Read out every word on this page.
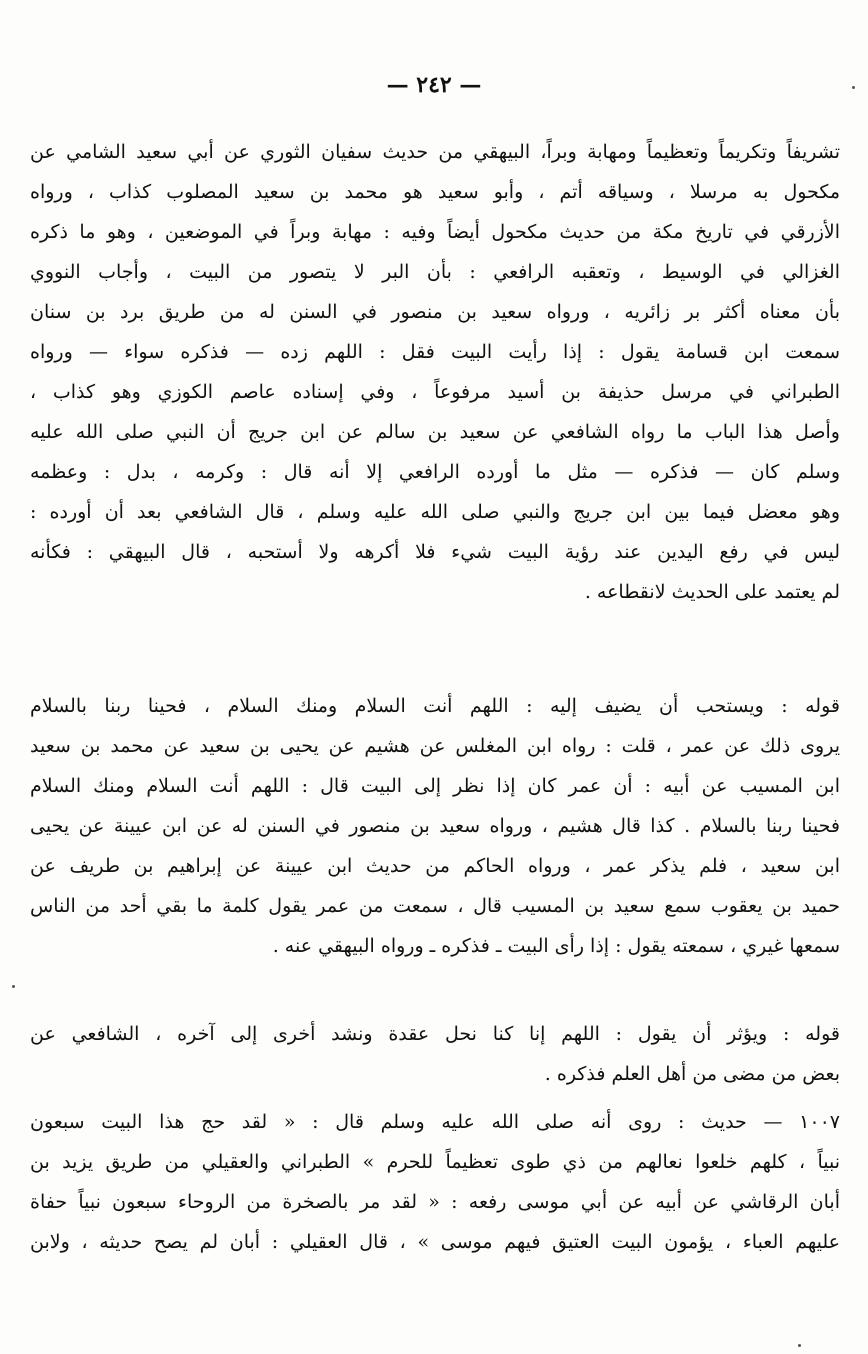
— ٢٤٢ —
تشريفاً وتكريماً وتعظيماً ومهابة وبراً، البيهقي من حديث سفيان الثوري عن أبي سعيد الشامي عن
مكحول به مرسلا ، وسياقه أتم ، وأبو سعيد هو محمد بن سعيد المصلوب كذاب ، ورواه
الأزرقي في تاريخ مكة من حديث مكحول أيضاً وفيه : مهابة وبراً في الموضعين ، وهو ما ذكره
الغزالي في الوسيط ، وتعقبه الرافعي : بأن البر لا يتصور من البيت ، وأجاب النووي
بأن معناه أكثر بر زائريه ، ورواه سعيد بن منصور في السنن له من طريق برد بن سنان
سمعت ابن قسامة يقول : إذا رأيت البيت فقل : اللهم زده — فذكره سواء — ورواه
الطبراني في مرسل حذيفة بن أسيد مرفوعاً ، وفي إسناده عاصم الكوزي وهو كذاب ،
وأصل هذا الباب ما رواه الشافعي عن سعيد بن سالم عن ابن جريج أن النبي صلى الله عليه
وسلم كان — فذكره — مثل ما أورده الرافعي إلا أنه قال : وكرمه ، بدل : وعظمه
وهو معضل فيما بين ابن جريج والنبي صلى الله عليه وسلم ، قال الشافعي بعد أن أورده :
ليس في رفع اليدين عند رؤية البيت شيء فلا أكرهه ولا أستحبه ، قال البيهقي : فكأنه
لم يعتمد على الحديث لانقطاعه .
قوله : ويستحب أن يضيف إليه : اللهم أنت السلام ومنك السلام ، فحينا ربنا بالسلام
يروى ذلك عن عمر ، قلت : رواه ابن المغلس عن هشيم عن يحيى بن سعيد عن محمد بن سعيد
ابن المسيب عن أبيه : أن عمر كان إذا نظر إلى البيت قال : اللهم أنت السلام ومنك السلام
فحينا ربنا بالسلام . كذا قال هشيم ، ورواه سعيد بن منصور في السنن له عن ابن عيينة عن يحيى
ابن سعيد ، فلم يذكر عمر ، ورواه الحاكم من حديث ابن عيينة عن إبراهيم بن طريف عن
حميد بن يعقوب سمع سعيد بن المسيب قال ، سمعت من عمر يقول كلمة ما بقي أحد من الناس
سمعها غيري ، سمعته يقول : إذا رأى البيت ـ فذكره ـ ورواه البيهقي عنه .
قوله : ويؤثر أن يقول : اللهم إنا كنا نحل عقدة ونشد أخرى إلى آخره ، الشافعي عن
بعض من مضى من أهل العلم فذكره .
١٠٠٧ — حديث : روى أنه صلى الله عليه وسلم قال : « لقد حج هذا البيت سبعون
نبياً ، كلهم خلعوا نعالهم من ذي طوى تعظيماً للحرم » الطبراني والعقيلي من طريق يزيد بن
أبان الرقاشي عن أبيه عن أبي موسى رفعه : « لقد مر بالصخرة من الروحاء سبعون نبياً حفاة
عليهم العباء ، يؤمون البيت العتيق فيهم موسى » ، قال العقيلي : أبان لم يصح حديثه ، ولابن
